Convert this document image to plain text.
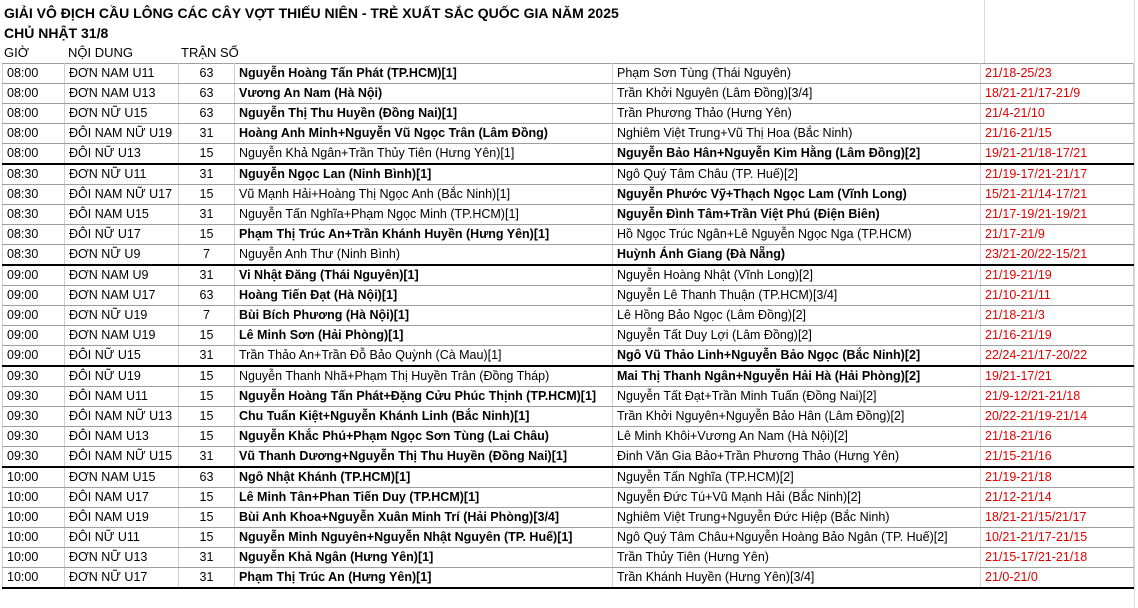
GIẢI VÔ ĐỊCH CẦU LÔNG CÁC CÂY VỢT THIẾU NIÊN - TRẺ XUẤT SẮC QUỐC GIA NĂM 2025
CHỦ NHẬT 31/8
GIỜ	NỘI DUNG	TRẬN SỐ
08:00	ĐƠN NAM U11	63	Nguyễn Hoàng Tấn Phát (TP.HCM)[1]	Phạm Sơn Tùng (Thái Nguyên)	21/18-25/23
08:00	ĐƠN NAM U13	63	Vương An Nam (Hà Nội)	Trần Khởi Nguyên (Lâm Đồng)[3/4]	18/21-21/17-21/9
08:00	ĐƠN NỮ U15	63	Nguyễn Thị Thu Huyền (Đồng Nai)[1]	Trần Phương Thảo (Hưng Yên)	21/4-21/10
08:00	ĐÔI NAM NỮ U19	31	Hoàng Anh Minh+Nguyễn Vũ Ngọc Trân (Lâm Đồng)	Nghiêm Việt Trung+Vũ Thị Hoa (Bắc Ninh)	21/16-21/15
08:00	ĐÔI NỮ U13	15	Nguyễn Khả Ngân+Trần Thủy Tiên (Hưng Yên)[1]	Nguyễn Bảo Hân+Nguyễn Kim Hằng (Lâm Đồng)[2]	19/21-21/18-17/21
08:30	ĐƠN NỮ U11	31	Nguyễn Ngọc Lan (Ninh Bình)[1]	Ngô Quý Tâm Châu (TP. Huế)[2]	21/19-17/21-21/17
08:30	ĐÔI NAM NỮ U17	15	Vũ Mạnh Hải+Hoàng Thị Ngọc Anh (Bắc Ninh)[1]	Nguyễn Phước Vỹ+Thạch Ngọc Lam (Vĩnh Long)	15/21-21/14-17/21
08:30	ĐÔI NAM U15	31	Nguyễn Tấn Nghĩa+Phạm Ngọc Minh (TP.HCM)[1]	Nguyễn Đình Tâm+Trần Việt Phú (Điện Biên)	21/17-19/21-19/21
08:30	ĐÔI NỮ U17	15	Phạm Thị Trúc An+Trần Khánh Huyền (Hưng Yên)[1]	Hồ Ngọc Trúc Ngân+Lê Nguyễn Ngọc Nga (TP.HCM)	21/17-21/9
08:30	ĐƠN NỮ U9	7	Nguyễn Anh Thư (Ninh Bình)	Huỳnh Ánh Giang (Đà Nẵng)	23/21-20/22-15/21
09:00	ĐƠN NAM U9	31	Vi Nhật Đăng (Thái Nguyên)[1]	Nguyễn Hoàng Nhật (Vĩnh Long)[2]	21/19-21/19
09:00	ĐƠN NAM U17	63	Hoàng Tiến Đạt (Hà Nội)[1]	Nguyễn Lê Thanh Thuận (TP.HCM)[3/4]	21/10-21/11
09:00	ĐƠN NỮ U19	7	Bùi Bích Phương (Hà Nội)[1]	Lê Hồng Bảo Ngọc (Lâm Đồng)[2]	21/18-21/3
09:00	ĐƠN NAM U19	15	Lê Minh Sơn (Hải Phòng)[1]	Nguyễn Tất Duy Lợi (Lâm Đồng)[2]	21/16-21/19
09:00	ĐÔI NỮ U15	31	Trần Thảo An+Trần Đỗ Bảo Quỳnh (Cà Mau)[1]	Ngô Vũ Thảo Linh+Nguyễn Bảo Ngọc (Bắc Ninh)[2]	22/24-21/17-20/22
09:30	ĐÔI NỮ U19	15	Nguyễn Thanh Nhã+Phạm Thị Huyền Trân (Đồng Tháp)	Mai Thị Thanh Ngân+Nguyễn Hải Hà (Hải Phòng)[2]	19/21-17/21
09:30	ĐÔI NAM U11	15	Nguyễn Hoàng Tấn Phát+Đặng Cửu Phúc Thịnh (TP.HCM)[1]	Nguyễn Tất Đạt+Trần Minh Tuấn (Đồng Nai)[2]	21/9-12/21-21/18
09:30	ĐÔI NAM NỮ U13	15	Chu Tuấn Kiệt+Nguyễn Khánh Linh (Bắc Ninh)[1]	Trần Khởi Nguyên+Nguyễn Bảo Hân (Lâm Đồng)[2]	20/22-21/19-21/14
09:30	ĐÔI NAM U13	15	Nguyễn Khắc Phú+Phạm Ngọc Sơn Tùng (Lai Châu)	Lê Minh Khôi+Vương An Nam (Hà Nội)[2]	21/18-21/16
09:30	ĐÔI NAM NỮ U15	31	Vũ Thanh Dương+Nguyễn Thị Thu Huyền (Đồng Nai)[1]	Đinh Văn Gia Bảo+Trần Phương Thảo (Hưng Yên)	21/15-21/16
10:00	ĐƠN NAM U15	63	Ngô Nhật Khánh (TP.HCM)[1]	Nguyễn Tấn Nghĩa (TP.HCM)[2]	21/19-21/18
10:00	ĐÔI NAM U17	15	Lê Minh Tân+Phan Tiến Duy (TP.HCM)[1]	Nguyễn Đức Tú+Vũ Mạnh Hải (Bắc Ninh)[2]	21/12-21/14
10:00	ĐÔI NAM U19	15	Bùi Anh Khoa+Nguyễn Xuân Minh Trí (Hải Phòng)[3/4]	Nghiêm Việt Trung+Nguyễn Đức Hiệp (Bắc Ninh)	18/21-21/15/21/17
10:00	ĐÔI NỮ U11	15	Nguyễn Minh Nguyên+Nguyễn Nhật Nguyên (TP. Huế)[1]	Ngô Quý Tâm Châu+Nguyễn Hoàng Bảo Ngân (TP. Huế)[2]	10/21-21/17-21/15
10:00	ĐƠN NỮ U13	31	Nguyễn Khả Ngân (Hưng Yên)[1]	Trần Thủy Tiên (Hưng Yên)	21/15-17/21-21/18
10:00	ĐƠN NỮ U17	31	Phạm Thị Trúc An (Hưng Yên)[1]	Trần Khánh Huyền (Hưng Yên)[3/4]	21/0-21/0
